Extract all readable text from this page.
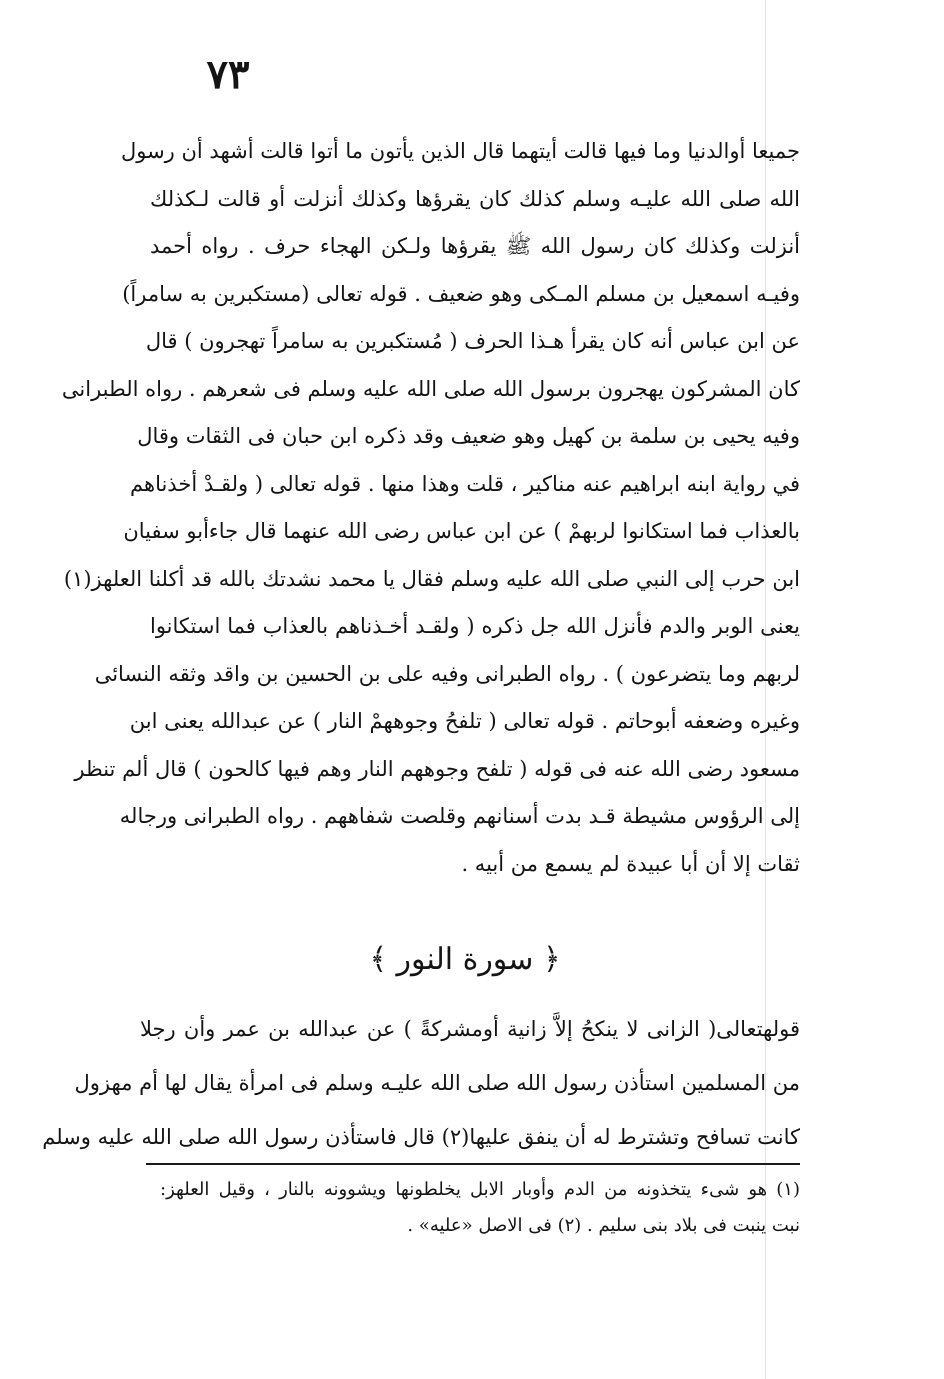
٧٣
جميعا أوالدنيا وما فيها قالت أيتهما قال الذين يأتون ما أتوا قالت أشهد أن رسول
الله صلى الله عليـه وسلم كذلك كان يقرؤها وكذلك أنزلت أو قالت لـكذلك
أنزلت وكذلك كان رسول الله ﷺ يقرؤها ولـكن الهجاء حرف . رواه أحمد
وفيـه اسمعيل بن مسلم المـكى وهو ضعيف . قوله تعالى (مستكبرين به سامراً)
عن ابن عباس أنه كان يقرأ هـذا الحرف ( مُستكبرين به سامراً تهجرون ) قال
كان المشركون يهجرون برسول الله صلى الله عليه وسلم فى شعرهم . رواه الطبرانى
وفيه يحيى بن سلمة بن كهيل وهو ضعيف وقد ذكره ابن حبان فى الثقات وقال
في رواية ابنه ابراهيم عنه مناكير ، قلت وهذا منها . قوله تعالى ( ولقـدْ أخذناهم
بالعذاب فما استكانوا لربهمْ ) عن ابن عباس رضى الله عنهما قال جاءأبو سفيان
ابن حرب إلى النبي صلى الله عليه وسلم فقال يا محمد نشدتك بالله قد أكلنا العلهز(١)
يعنى الوبر والدم فأنزل الله جل ذكره ( ولقـد أخـذناهم بالعذاب فما استكانوا
لربهم وما يتضرعون ) . رواه الطبرانى وفيه على بن الحسين بن واقد وثقه النسائى
وغيره وضعفه أبوحاتم . قوله تعالى ( تلفحُ وجوههمْ النار ) عن عبدالله يعنى ابن
مسعود رضى الله عنه فى قوله ( تلفح وجوههم النار وهم فيها كالحون ) قال ألم تنظر
إلى الرؤوس مشيطة قـد بدت أسنانهم وقلصت شفاههم . رواه الطبرانى ورجاله
ثقات إلا أن أبا عبيدة لم يسمع من أبيه .
﴿ سورة النور ﴾
قولهتعالى( الزانى لا ينكحُ إلاَّ زانية أومشركةً ) عن عبدالله بن عمر وأن رجلا
من المسلمين استأذن رسول الله صلى الله عليـه وسلم فى امرأة يقال لها أم مهزول
كانت تسافح وتشترط له أن ينفق عليها(٢) قال فاستأذن رسول الله صلى الله عليه وسلم
(١) هو شىء يتخذونه من الدم وأوبار الابل يخلطونها ويشوونه بالنار ، وقيل العلهز:
نبت ينبت فى بلاد بنى سليم . (٢) فى الاصل «عليه» .
